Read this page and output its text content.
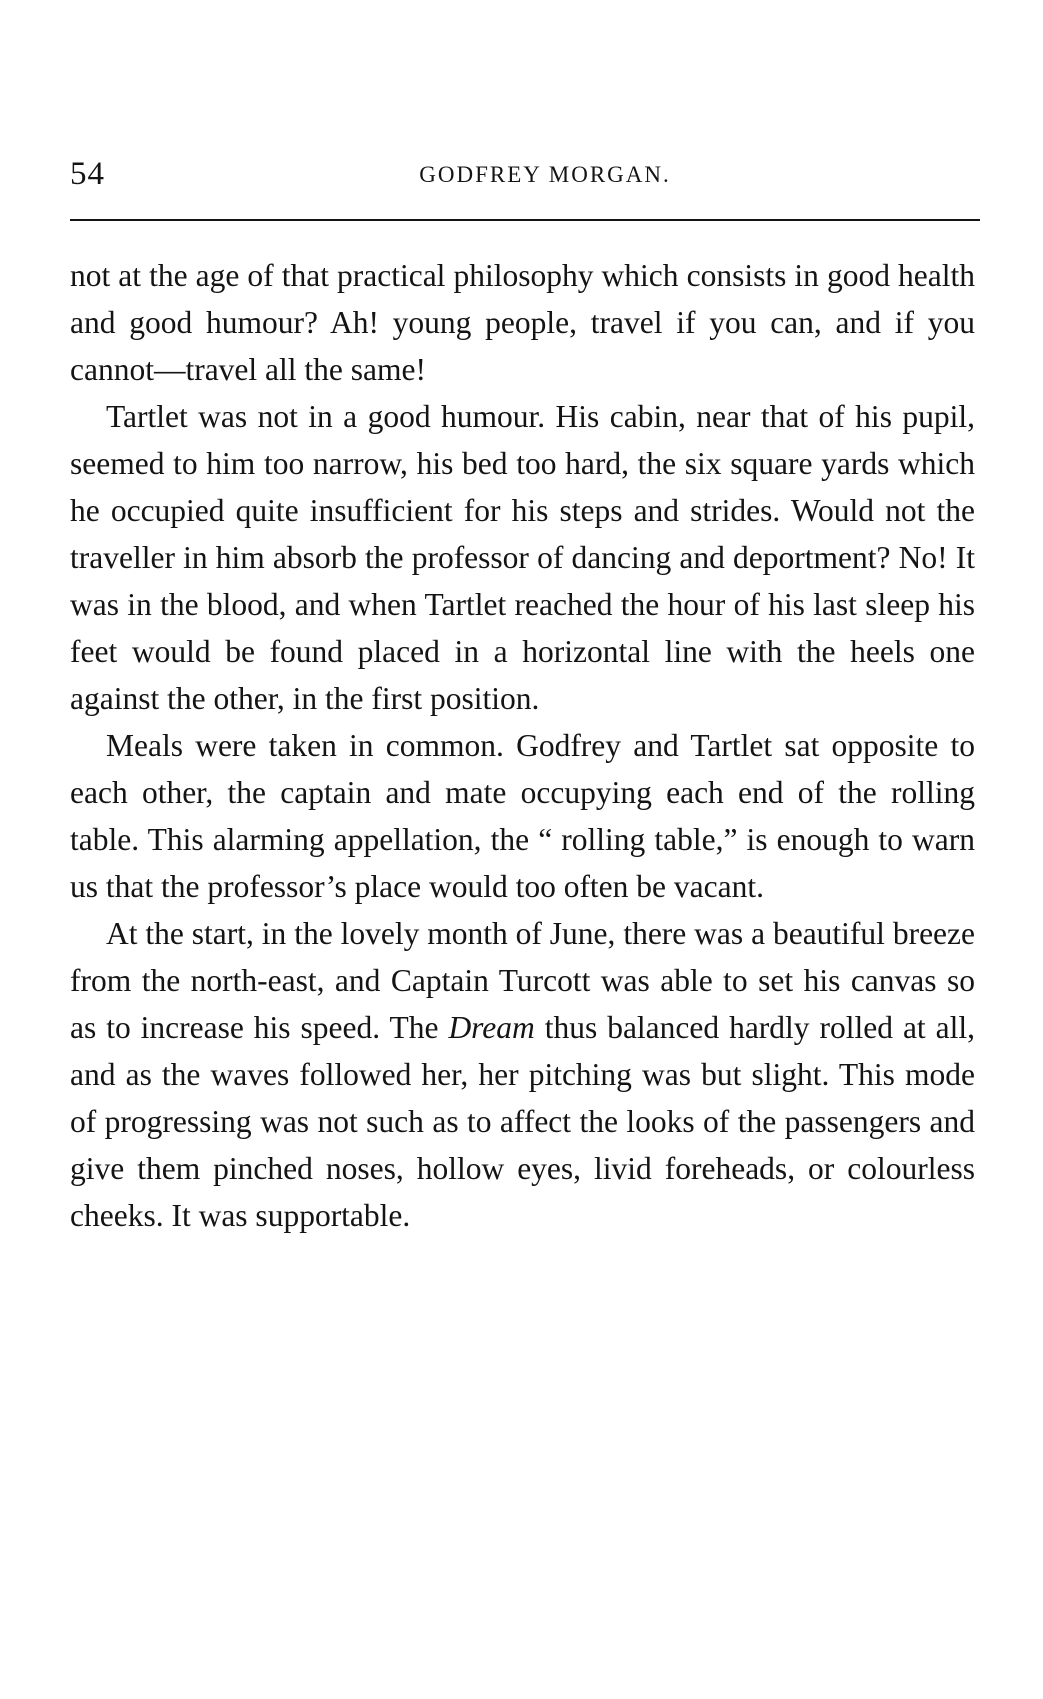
54	GODFREY MORGAN.

not at the age of that practical philosophy which consists in good health and good humour? Ah! young people, travel if you can, and if you cannot—travel all the same!

Tartlet was not in a good humour. His cabin, near that of his pupil, seemed to him too narrow, his bed too hard, the six square yards which he occupied quite insufficient for his steps and strides. Would not the traveller in him absorb the professor of dancing and deportment? No! It was in the blood, and when Tartlet reached the hour of his last sleep his feet would be found placed in a horizontal line with the heels one against the other, in the first position.

Meals were taken in common. Godfrey and Tartlet sat opposite to each other, the captain and mate occupying each end of the rolling table. This alarming appellation, the “ rolling table,” is enough to warn us that the professor’s place would too often be vacant.

At the start, in the lovely month of June, there was a beautiful breeze from the north-east, and Captain Turcott was able to set his canvas so as to increase his speed. The Dream thus balanced hardly rolled at all, and as the waves followed her, her pitching was but slight. This mode of progressing was not such as to affect the looks of the passengers and give them pinched noses, hollow eyes, livid foreheads, or colourless cheeks. It was supportable.
